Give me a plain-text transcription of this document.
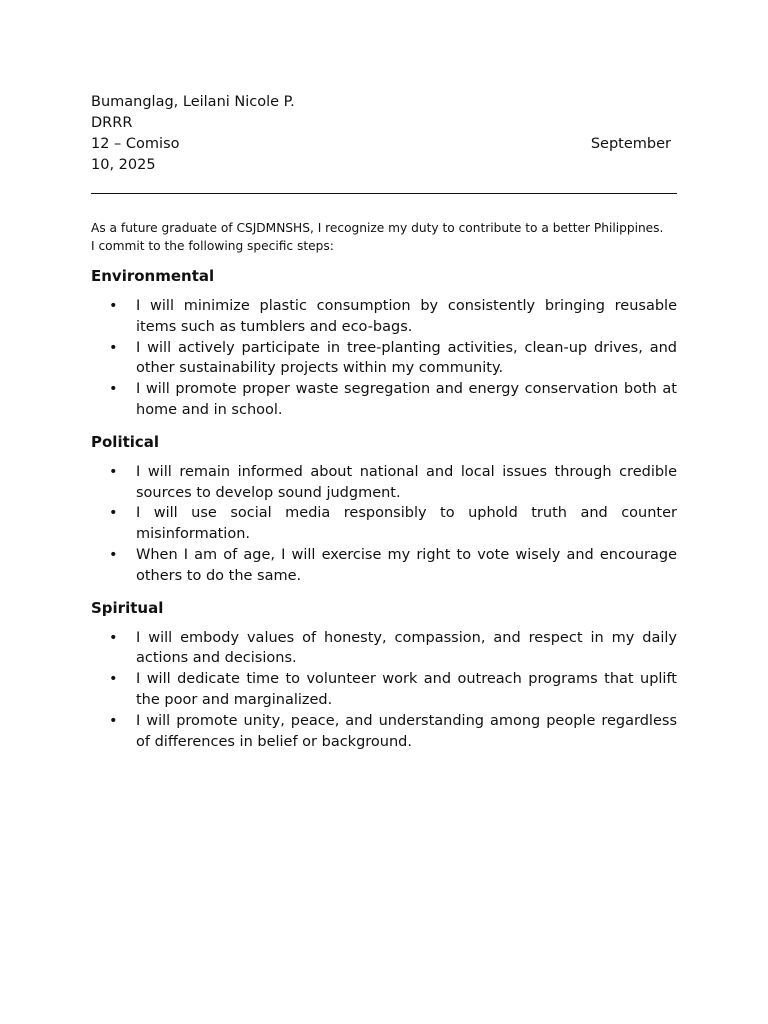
Bumanglag, Leilani Nicole P.
DRRR
12 – Comiso	September
10, 2025
As a future graduate of CSJDMNSHS, I recognize my duty to contribute to a better Philippines.
I commit to the following specific steps:
Environmental
• I will minimize plastic consumption by consistently bringing reusable items such as tumblers and eco-bags.
• I will actively participate in tree-planting activities, clean-up drives, and other sustainability projects within my community.
• I will promote proper waste segregation and energy conservation both at home and in school.
Political
• I will remain informed about national and local issues through credible sources to develop sound judgment.
• I will use social media responsibly to uphold truth and counter misinformation.
• When I am of age, I will exercise my right to vote wisely and encourage others to do the same.
Spiritual
• I will embody values of honesty, compassion, and respect in my daily actions and decisions.
• I will dedicate time to volunteer work and outreach programs that uplift the poor and marginalized.
• I will promote unity, peace, and understanding among people regardless of differences in belief or background.
